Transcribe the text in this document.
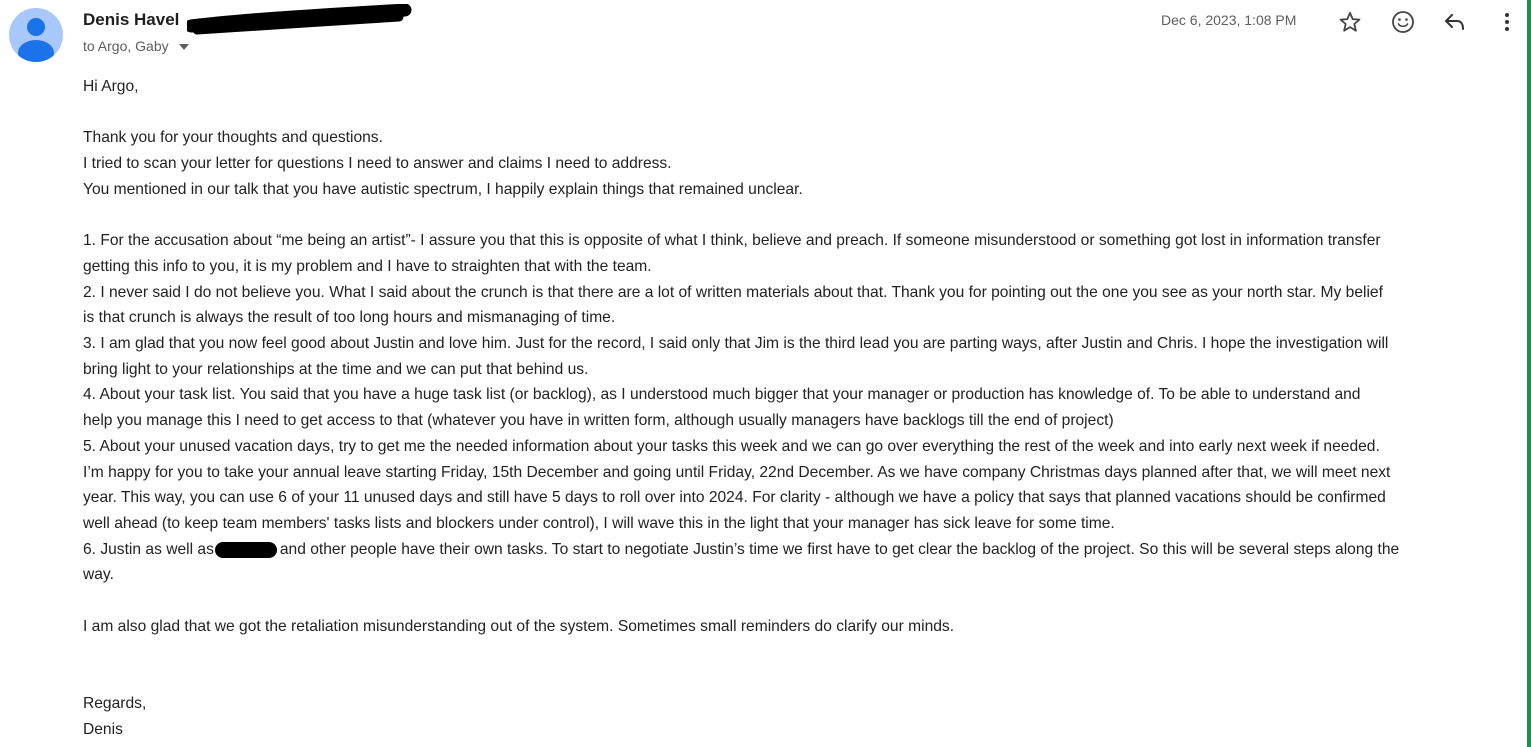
Denis Havel
to Argo, Gaby
Dec 6, 2023, 1:08 PM

Hi Argo,

Thank you for your thoughts and questions.

I tried to scan your letter for questions I need to answer and claims I need to address.

You mentioned in our talk that you have autistic spectrum, I happily explain things that remained unclear.

1. For the accusation about “me being an artist”- I assure you that this is opposite of what I think, believe and preach. If someone misunderstood or something got lost in information transfer

getting this info to you, it is my problem and I have to straighten that with the team.

2. I never said I do not believe you. What I said about the crunch is that there are a lot of written materials about that. Thank you for pointing out the one you see as your north star. My belief

is that crunch is always the result of too long hours and mismanaging of time.

3. I am glad that you now feel good about Justin and love him. Just for the record, I said only that Jim is the third lead you are parting ways, after Justin and Chris. I hope the investigation will

bring light to your relationships at the time and we can put that behind us.

4. About your task list. You said that you have a huge task list (or backlog), as I understood much bigger that your manager or production has knowledge of. To be able to understand and

help you manage this I need to get access to that (whatever you have in written form, although usually managers have backlogs till the end of project)

5. About your unused vacation days, try to get me the needed information about your tasks this week and we can go over everything the rest of the week and into early next week if needed.

I’m happy for you to take your annual leave starting Friday, 15th December and going until Friday, 22nd December. As we have company Christmas days planned after that, we will meet next

year. This way, you can use 6 of your 11 unused days and still have 5 days to roll over into 2024. For clarity - although we have a policy that says that planned vacations should be confirmed

well ahead (to keep team members' tasks lists and blockers under control), I will wave this in the light that your manager has sick leave for some time.

6. Justin as well as	and other people have their own tasks. To start to negotiate Justin’s time we first have to get clear the backlog of the project. So this will be several steps along the

way.

I am also glad that we got the retaliation misunderstanding out of the system. Sometimes small reminders do clarify our minds.

Regards,

Denis
